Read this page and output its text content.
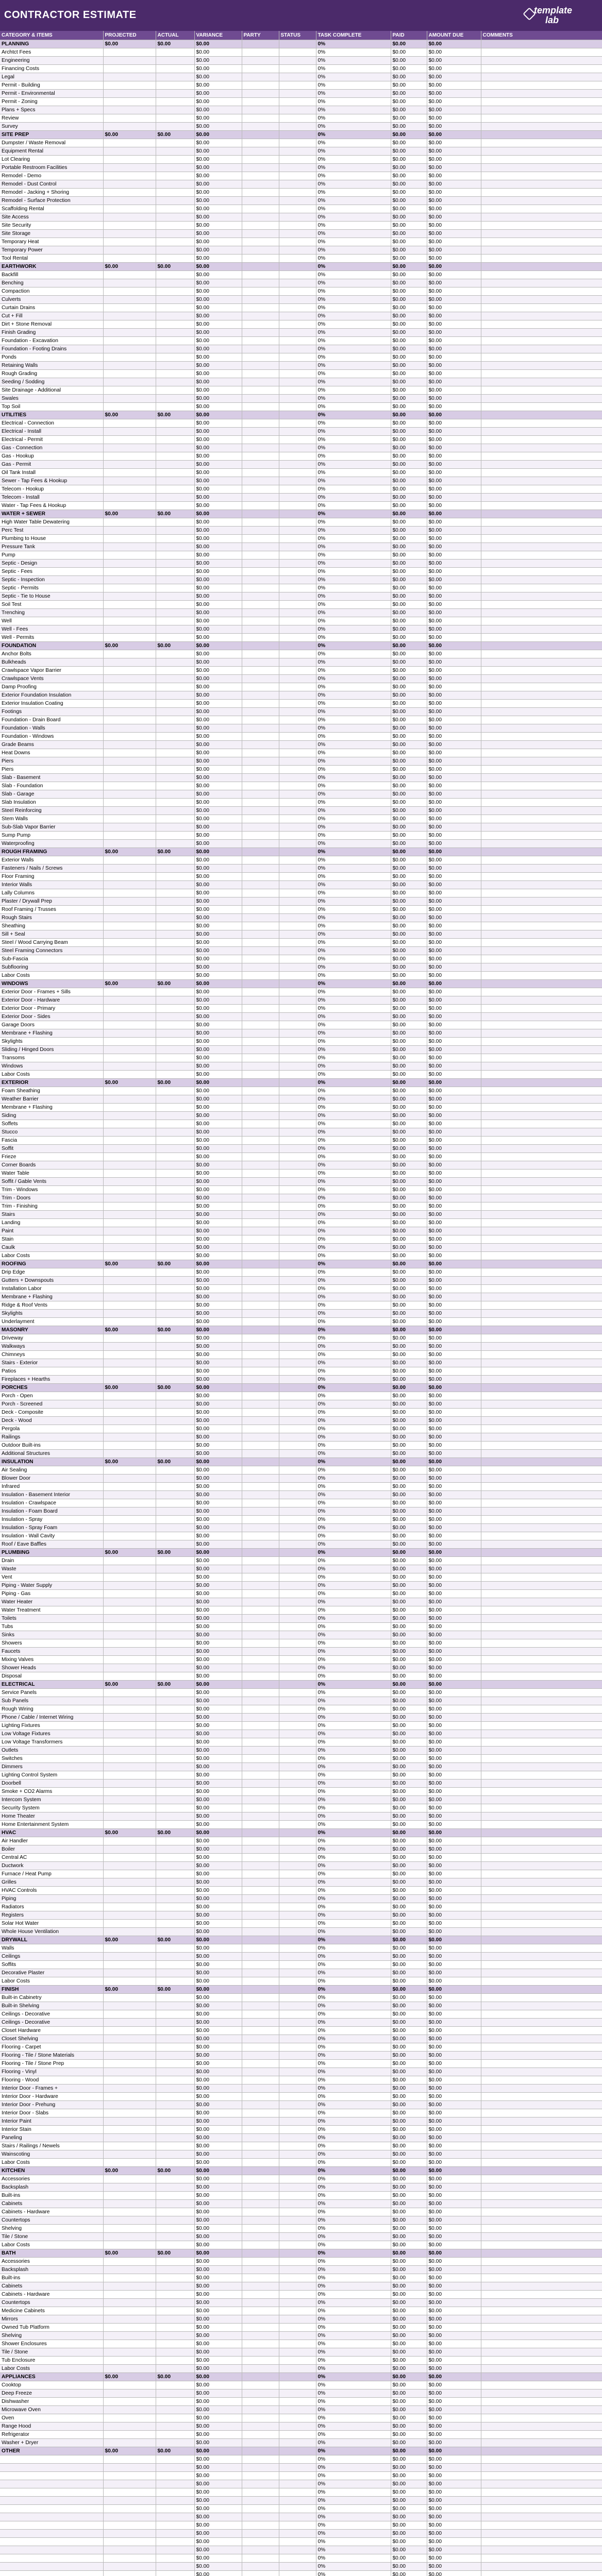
CONTRACTOR ESTIMATE	template
lab
CATEGORY & ITEMS	PROJECTED	ACTUAL	VARIANCE	PARTY	STATUS	TASK COMPLETE	PAID	AMOUNT DUE	COMMENTS
PLANNING	$0.00	$0.00	$0.00			0%	$0.00	$0.00	
Archtct Fees			$0.00			0%	$0.00	$0.00	
Engineering			$0.00			0%	$0.00	$0.00	
Financing Costs			$0.00			0%	$0.00	$0.00	
Legal			$0.00			0%	$0.00	$0.00	
Permit - Building			$0.00			0%	$0.00	$0.00	
Permit - Environmental			$0.00			0%	$0.00	$0.00	
Permit - Zoning			$0.00			0%	$0.00	$0.00	
Plans + Specs			$0.00			0%	$0.00	$0.00	
Review			$0.00			0%	$0.00	$0.00	
Survey			$0.00			0%	$0.00	$0.00	
SITE PREP	$0.00	$0.00	$0.00			0%	$0.00	$0.00	
Dumpster / Waste Removal			$0.00			0%	$0.00	$0.00	
Equipment Rental			$0.00			0%	$0.00	$0.00	
Lot Clearing			$0.00			0%	$0.00	$0.00	
Portable Restroom Facilities			$0.00			0%	$0.00	$0.00	
Remodel - Demo			$0.00			0%	$0.00	$0.00	
Remodel - Dust Control			$0.00			0%	$0.00	$0.00	
Remodel - Jacking + Shoring			$0.00			0%	$0.00	$0.00	
Remodel - Surface Protection			$0.00			0%	$0.00	$0.00	
Scaffolding Rental			$0.00			0%	$0.00	$0.00	
Site Access			$0.00			0%	$0.00	$0.00	
Site Security			$0.00			0%	$0.00	$0.00	
Site Storage			$0.00			0%	$0.00	$0.00	
Temporary Heat			$0.00			0%	$0.00	$0.00	
Temporary Power			$0.00			0%	$0.00	$0.00	
Tool Rental			$0.00			0%	$0.00	$0.00	
EARTHWORK	$0.00	$0.00	$0.00			0%	$0.00	$0.00	
Backfill			$0.00			0%	$0.00	$0.00	
Benching			$0.00			0%	$0.00	$0.00	
Compaction			$0.00			0%	$0.00	$0.00	
Culverts			$0.00			0%	$0.00	$0.00	
Curtain Drains			$0.00			0%	$0.00	$0.00	
Cut + Fill			$0.00			0%	$0.00	$0.00	
Dirt + Stone Removal			$0.00			0%	$0.00	$0.00	
Finish Grading			$0.00			0%	$0.00	$0.00	
Foundation - Excavation			$0.00			0%	$0.00	$0.00	
Foundation - Footing Drains			$0.00			0%	$0.00	$0.00	
Ponds			$0.00			0%	$0.00	$0.00	
Retaining Walls			$0.00			0%	$0.00	$0.00	
Rough Grading			$0.00			0%	$0.00	$0.00	
Seeding / Sodding			$0.00			0%	$0.00	$0.00	
Site Drainage - Additional			$0.00			0%	$0.00	$0.00	
Swales			$0.00			0%	$0.00	$0.00	
Top Soil			$0.00			0%	$0.00	$0.00	
UTILITIES	$0.00	$0.00	$0.00			0%	$0.00	$0.00	
Electrical - Connection			$0.00			0%	$0.00	$0.00	
Electrical - Install			$0.00			0%	$0.00	$0.00	
Electrical - Permit			$0.00			0%	$0.00	$0.00	
Gas - Connection			$0.00			0%	$0.00	$0.00	
Gas - Hookup			$0.00			0%	$0.00	$0.00	
Gas - Permit			$0.00			0%	$0.00	$0.00	
Oil Tank Install			$0.00			0%	$0.00	$0.00	
Sewer - Tap Fees & Hookup			$0.00			0%	$0.00	$0.00	
Telecom - Hookup			$0.00			0%	$0.00	$0.00	
Telecom - Install			$0.00			0%	$0.00	$0.00	
Water - Tap Fees & Hookup			$0.00			0%	$0.00	$0.00	
WATER + SEWER	$0.00	$0.00	$0.00			0%	$0.00	$0.00	
High Water Table Dewatering			$0.00			0%	$0.00	$0.00	
Perc Test			$0.00			0%	$0.00	$0.00	
Plumbing to House			$0.00			0%	$0.00	$0.00	
Pressure Tank			$0.00			0%	$0.00	$0.00	
Pump			$0.00			0%	$0.00	$0.00	
Septic - Design			$0.00			0%	$0.00	$0.00	
Septic - Fees			$0.00			0%	$0.00	$0.00	
Septic - Inspection			$0.00			0%	$0.00	$0.00	
Septic - Permits			$0.00			0%	$0.00	$0.00	
Septic - Tie to House			$0.00			0%	$0.00	$0.00	
Soil Test			$0.00			0%	$0.00	$0.00	
Trenching			$0.00			0%	$0.00	$0.00	
Well			$0.00			0%	$0.00	$0.00	
Well - Fees			$0.00			0%	$0.00	$0.00	
Well - Permits			$0.00			0%	$0.00	$0.00	
FOUNDATION	$0.00	$0.00	$0.00			0%	$0.00	$0.00	
Anchor Bolts			$0.00			0%	$0.00	$0.00	
Bulkheads			$0.00			0%	$0.00	$0.00	
Crawlspace Vapor Barrier			$0.00			0%	$0.00	$0.00	
Crawlspace Vents			$0.00			0%	$0.00	$0.00	
Damp Proofing			$0.00			0%	$0.00	$0.00	
Exterior Foundation Insulation			$0.00			0%	$0.00	$0.00	
Exterior Insulation Coating			$0.00			0%	$0.00	$0.00	
Footings			$0.00			0%	$0.00	$0.00	
Foundation - Drain Board			$0.00			0%	$0.00	$0.00	
Foundation - Walls			$0.00			0%	$0.00	$0.00	
Foundation - Windows			$0.00			0%	$0.00	$0.00	
Grade Beams			$0.00			0%	$0.00	$0.00	
Heat Downs			$0.00			0%	$0.00	$0.00	
Piers			$0.00			0%	$0.00	$0.00	
Piers			$0.00			0%	$0.00	$0.00	
Slab - Basement			$0.00			0%	$0.00	$0.00	
Slab - Foundation			$0.00			0%	$0.00	$0.00	
Slab - Garage			$0.00			0%	$0.00	$0.00	
Slab Insulation			$0.00			0%	$0.00	$0.00	
Steel Reinforcing			$0.00			0%	$0.00	$0.00	
Stem Walls			$0.00			0%	$0.00	$0.00	
Sub-Slab Vapor Barrier			$0.00			0%	$0.00	$0.00	
Sump Pump			$0.00			0%	$0.00	$0.00	
Waterproofing			$0.00			0%	$0.00	$0.00	
ROUGH FRAMING	$0.00	$0.00	$0.00			0%	$0.00	$0.00	
Exterior Walls			$0.00			0%	$0.00	$0.00	
Fasteners / Nails / Screws			$0.00			0%	$0.00	$0.00	
Floor Framing			$0.00			0%	$0.00	$0.00	
Interior Walls			$0.00			0%	$0.00	$0.00	
Lally Columns			$0.00			0%	$0.00	$0.00	
Plaster / Drywall Prep			$0.00			0%	$0.00	$0.00	
Roof Framing / Trusses			$0.00			0%	$0.00	$0.00	
Rough Stairs			$0.00			0%	$0.00	$0.00	
Sheathing			$0.00			0%	$0.00	$0.00	
Sill + Seal			$0.00			0%	$0.00	$0.00	
Steel / Wood Carrying Beam			$0.00			0%	$0.00	$0.00	
Steel Framing Connectors			$0.00			0%	$0.00	$0.00	
Sub-Fascia			$0.00			0%	$0.00	$0.00	
Subflooring			$0.00			0%	$0.00	$0.00	
Labor Costs			$0.00			0%	$0.00	$0.00	
WINDOWS	$0.00	$0.00	$0.00			0%	$0.00	$0.00	
Exterior Door - Frames + Sills			$0.00			0%	$0.00	$0.00	
Exterior Door - Hardware			$0.00			0%	$0.00	$0.00	
Exterior Door - Primary			$0.00			0%	$0.00	$0.00	
Exterior Door - Sides			$0.00			0%	$0.00	$0.00	
Garage Doors			$0.00			0%	$0.00	$0.00	
Membrane + Flashing			$0.00			0%	$0.00	$0.00	
Skylights			$0.00			0%	$0.00	$0.00	
Sliding / Hinged Doors			$0.00			0%	$0.00	$0.00	
Transoms			$0.00			0%	$0.00	$0.00	
Windows			$0.00			0%	$0.00	$0.00	
Labor Costs			$0.00			0%	$0.00	$0.00	
EXTERIOR	$0.00	$0.00	$0.00			0%	$0.00	$0.00	
Foam Sheathing			$0.00			0%	$0.00	$0.00	
Weather Barrier			$0.00			0%	$0.00	$0.00	
Membrane + Flashing			$0.00			0%	$0.00	$0.00	
Siding			$0.00			0%	$0.00	$0.00	
Soffets			$0.00			0%	$0.00	$0.00	
Stucco			$0.00			0%	$0.00	$0.00	
Fascia			$0.00			0%	$0.00	$0.00	
Soffit			$0.00			0%	$0.00	$0.00	
Frieze			$0.00			0%	$0.00	$0.00	
Corner Boards			$0.00			0%	$0.00	$0.00	
Water Table			$0.00			0%	$0.00	$0.00	
Soffit / Gable Vents			$0.00			0%	$0.00	$0.00	
Trim - Windows			$0.00			0%	$0.00	$0.00	
Trim - Doors			$0.00			0%	$0.00	$0.00	
Trim - Finishing			$0.00			0%	$0.00	$0.00	
Stairs			$0.00			0%	$0.00	$0.00	
Landing			$0.00			0%	$0.00	$0.00	
Paint			$0.00			0%	$0.00	$0.00	
Stain			$0.00			0%	$0.00	$0.00	
Caulk			$0.00			0%	$0.00	$0.00	
Labor Costs			$0.00			0%	$0.00	$0.00	
ROOFING	$0.00	$0.00	$0.00			0%	$0.00	$0.00	
Drip Edge			$0.00			0%	$0.00	$0.00	
Gutters + Downspouts			$0.00			0%	$0.00	$0.00	
Installation Labor			$0.00			0%	$0.00	$0.00	
Membrane + Flashing			$0.00			0%	$0.00	$0.00	
Ridge & Roof Vents			$0.00			0%	$0.00	$0.00	
Skylights			$0.00			0%	$0.00	$0.00	
Underlayment			$0.00			0%	$0.00	$0.00	
MASONRY	$0.00	$0.00	$0.00			0%	$0.00	$0.00	
Driveway			$0.00			0%	$0.00	$0.00	
Walkways			$0.00			0%	$0.00	$0.00	
Chimneys			$0.00			0%	$0.00	$0.00	
Stairs - Exterior			$0.00			0%	$0.00	$0.00	
Patios			$0.00			0%	$0.00	$0.00	
Fireplaces + Hearths			$0.00			0%	$0.00	$0.00	
PORCHES	$0.00	$0.00	$0.00			0%	$0.00	$0.00	
Porch - Open			$0.00			0%	$0.00	$0.00	
Porch - Screened			$0.00			0%	$0.00	$0.00	
Deck - Composite			$0.00			0%	$0.00	$0.00	
Deck - Wood			$0.00			0%	$0.00	$0.00	
Pergola			$0.00			0%	$0.00	$0.00	
Railings			$0.00			0%	$0.00	$0.00	
Outdoor Built-ins			$0.00			0%	$0.00	$0.00	
Additional Structures			$0.00			0%	$0.00	$0.00	
INSULATION	$0.00	$0.00	$0.00			0%	$0.00	$0.00	
Air Sealing			$0.00			0%	$0.00	$0.00	
Blower Door			$0.00			0%	$0.00	$0.00	
Infrared			$0.00			0%	$0.00	$0.00	
Insulation - Basement Interior			$0.00			0%	$0.00	$0.00	
Insulation - Crawlspace			$0.00			0%	$0.00	$0.00	
Insulation - Foam Board			$0.00			0%	$0.00	$0.00	
Insulation - Spray			$0.00			0%	$0.00	$0.00	
Insulation - Spray Foam			$0.00			0%	$0.00	$0.00	
Insulation - Wall Cavity			$0.00			0%	$0.00	$0.00	
Roof / Eave Baffles			$0.00			0%	$0.00	$0.00	
PLUMBING	$0.00	$0.00	$0.00			0%	$0.00	$0.00	
Drain			$0.00			0%	$0.00	$0.00	
Waste			$0.00			0%	$0.00	$0.00	
Vent			$0.00			0%	$0.00	$0.00	
Piping - Water Supply			$0.00			0%	$0.00	$0.00	
Piping - Gas			$0.00			0%	$0.00	$0.00	
Water Heater			$0.00			0%	$0.00	$0.00	
Water Treatment			$0.00			0%	$0.00	$0.00	
Toilets			$0.00			0%	$0.00	$0.00	
Tubs			$0.00			0%	$0.00	$0.00	
Sinks			$0.00			0%	$0.00	$0.00	
Showers			$0.00			0%	$0.00	$0.00	
Faucets			$0.00			0%	$0.00	$0.00	
Mixing Valves			$0.00			0%	$0.00	$0.00	
Shower Heads			$0.00			0%	$0.00	$0.00	
Disposal			$0.00			0%	$0.00	$0.00	
ELECTRICAL	$0.00	$0.00	$0.00			0%	$0.00	$0.00	
Service Panels			$0.00			0%	$0.00	$0.00	
Sub Panels			$0.00			0%	$0.00	$0.00	
Rough Wiring			$0.00			0%	$0.00	$0.00	
Phone / Cable / Internet Wiring			$0.00			0%	$0.00	$0.00	
Lighting Fixtures			$0.00			0%	$0.00	$0.00	
Low Voltage Fixtures			$0.00			0%	$0.00	$0.00	
Low Voltage Transformers			$0.00			0%	$0.00	$0.00	
Outlets			$0.00			0%	$0.00	$0.00	
Switches			$0.00			0%	$0.00	$0.00	
Dimmers			$0.00			0%	$0.00	$0.00	
Lighting Control System			$0.00			0%	$0.00	$0.00	
Doorbell			$0.00			0%	$0.00	$0.00	
Smoke + CO2 Alarms			$0.00			0%	$0.00	$0.00	
Intercom System			$0.00			0%	$0.00	$0.00	
Security System			$0.00			0%	$0.00	$0.00	
Home Theater			$0.00			0%	$0.00	$0.00	
Home Entertainment System			$0.00			0%	$0.00	$0.00	
HVAC	$0.00	$0.00	$0.00			0%	$0.00	$0.00	
Air Handler			$0.00			0%	$0.00	$0.00	
Boiler			$0.00			0%	$0.00	$0.00	
Central AC			$0.00			0%	$0.00	$0.00	
Ductwork			$0.00			0%	$0.00	$0.00	
Furnace / Heat Pump			$0.00			0%	$0.00	$0.00	
Grilles			$0.00			0%	$0.00	$0.00	
HVAC Controls			$0.00			0%	$0.00	$0.00	
Piping			$0.00			0%	$0.00	$0.00	
Radiators			$0.00			0%	$0.00	$0.00	
Registers			$0.00			0%	$0.00	$0.00	
Solar Hot Water			$0.00			0%	$0.00	$0.00	
Whole House Ventilation			$0.00			0%	$0.00	$0.00	
DRYWALL	$0.00	$0.00	$0.00			0%	$0.00	$0.00	
Walls			$0.00			0%	$0.00	$0.00	
Ceilings			$0.00			0%	$0.00	$0.00	
Soffits			$0.00			0%	$0.00	$0.00	
Decorative Plaster			$0.00			0%	$0.00	$0.00	
Labor Costs			$0.00			0%	$0.00	$0.00	
FINISH	$0.00	$0.00	$0.00			0%	$0.00	$0.00	
Built-in Cabinetry			$0.00			0%	$0.00	$0.00	
Built-in Shelving			$0.00			0%	$0.00	$0.00	
Ceilings - Decorative			$0.00			0%	$0.00	$0.00	
Ceilings - Decorative			$0.00			0%	$0.00	$0.00	
Closet Hardware			$0.00			0%	$0.00	$0.00	
Closet Shelving			$0.00			0%	$0.00	$0.00	
Flooring - Carpet			$0.00			0%	$0.00	$0.00	
Flooring - Tile / Stone Materials			$0.00			0%	$0.00	$0.00	
Flooring - Tile / Stone Prep			$0.00			0%	$0.00	$0.00	
Flooring - Vinyl			$0.00			0%	$0.00	$0.00	
Flooring - Wood			$0.00			0%	$0.00	$0.00	
Interior Door - Frames +			$0.00			0%	$0.00	$0.00	
Interior Door - Hardware			$0.00			0%	$0.00	$0.00	
Interior Door - Prehung			$0.00			0%	$0.00	$0.00	
Interior Door - Slabs			$0.00			0%	$0.00	$0.00	
Interior Paint			$0.00			0%	$0.00	$0.00	
Interior Stain			$0.00			0%	$0.00	$0.00	
Paneling			$0.00			0%	$0.00	$0.00	
Stairs / Railings / Newels			$0.00			0%	$0.00	$0.00	
Wainscoting			$0.00			0%	$0.00	$0.00	
Labor Costs			$0.00			0%	$0.00	$0.00	
KITCHEN	$0.00	$0.00	$0.00			0%	$0.00	$0.00	
Accessories			$0.00			0%	$0.00	$0.00	
Backsplash			$0.00			0%	$0.00	$0.00	
Built-ins			$0.00			0%	$0.00	$0.00	
Cabinets			$0.00			0%	$0.00	$0.00	
Cabinets - Hardware			$0.00			0%	$0.00	$0.00	
Countertops			$0.00			0%	$0.00	$0.00	
Shelving			$0.00			0%	$0.00	$0.00	
Tile / Stone			$0.00			0%	$0.00	$0.00	
Labor Costs			$0.00			0%	$0.00	$0.00	
BATH	$0.00	$0.00	$0.00			0%	$0.00	$0.00	
Accessories			$0.00			0%	$0.00	$0.00	
Backsplash			$0.00			0%	$0.00	$0.00	
Built-ins			$0.00			0%	$0.00	$0.00	
Cabinets			$0.00			0%	$0.00	$0.00	
Cabinets - Hardware			$0.00			0%	$0.00	$0.00	
Countertops			$0.00			0%	$0.00	$0.00	
Medicine Cabinets			$0.00			0%	$0.00	$0.00	
Mirrors			$0.00			0%	$0.00	$0.00	
Owned Tub Platform			$0.00			0%	$0.00	$0.00	
Shelving			$0.00			0%	$0.00	$0.00	
Shower Enclosures			$0.00			0%	$0.00	$0.00	
Tile / Stone			$0.00			0%	$0.00	$0.00	
Tub Enclosure			$0.00			0%	$0.00	$0.00	
Labor Costs			$0.00			0%	$0.00	$0.00	
APPLIANCES	$0.00	$0.00	$0.00			0%	$0.00	$0.00	
Cooktop			$0.00			0%	$0.00	$0.00	
Deep Freeze			$0.00			0%	$0.00	$0.00	
Dishwasher			$0.00			0%	$0.00	$0.00	
Microwave Oven			$0.00			0%	$0.00	$0.00	
Oven			$0.00			0%	$0.00	$0.00	
Range Hood			$0.00			0%	$0.00	$0.00	
Refrigerator			$0.00			0%	$0.00	$0.00	
Washer + Dryer			$0.00			0%	$0.00	$0.00	
OTHER	$0.00	$0.00	$0.00			0%	$0.00	$0.00	
			$0.00			0%	$0.00	$0.00	
			$0.00			0%	$0.00	$0.00	
			$0.00			0%	$0.00	$0.00	
			$0.00			0%	$0.00	$0.00	
			$0.00			0%	$0.00	$0.00	
			$0.00			0%	$0.00	$0.00	
			$0.00			0%	$0.00	$0.00	
			$0.00			0%	$0.00	$0.00	
			$0.00			0%	$0.00	$0.00	
			$0.00			0%	$0.00	$0.00	
			$0.00			0%	$0.00	$0.00	
			$0.00			0%	$0.00	$0.00	
			$0.00			0%	$0.00	$0.00	
			$0.00			0%	$0.00	$0.00	
			$0.00			0%	$0.00	$0.00	
